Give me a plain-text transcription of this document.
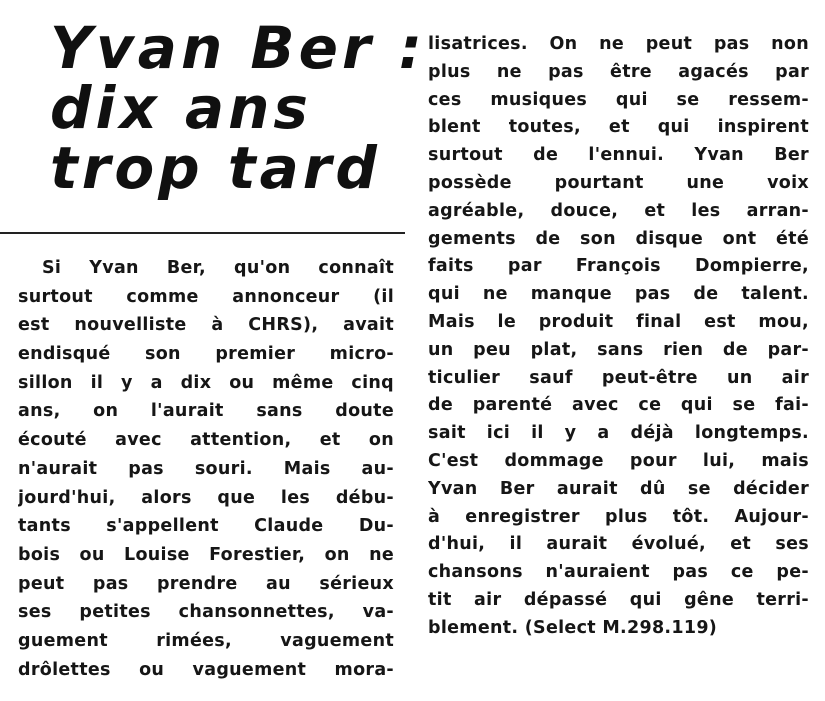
Yvan Ber :
dix ans
trop tard
Si Yvan Ber, qu'on connaît
surtout comme annonceur (il
est nouvelliste à CHRS), avait
endisqué son premier micro-
sillon il y a dix ou même cinq
ans, on l'aurait sans doute
écouté avec attention, et on
n'aurait pas souri. Mais au-
jourd'hui, alors que les débu-
tants s'appellent Claude Du-
bois ou Louise Forestier, on ne
peut pas prendre au sérieux
ses petites chansonnettes, va-
guement rimées, vaguement
drôlettes ou vaguement mora-
lisatrices. On ne peut pas non
plus ne pas être agacés par
ces musiques qui se ressem-
blent toutes, et qui inspirent
surtout de l'ennui. Yvan Ber
possède pourtant une voix
agréable, douce, et les arran-
gements de son disque ont été
faits par François Dompierre,
qui ne manque pas de talent.
Mais le produit final est mou,
un peu plat, sans rien de par-
ticulier sauf peut-être un air
de parenté avec ce qui se fai-
sait ici il y a déjà longtemps.
C'est dommage pour lui, mais
Yvan Ber aurait dû se décider
à enregistrer plus tôt. Aujour-
d'hui, il aurait évolué, et ses
chansons n'auraient pas ce pe-
tit air dépassé qui gêne terri-
blement. (Select M.298.119)
